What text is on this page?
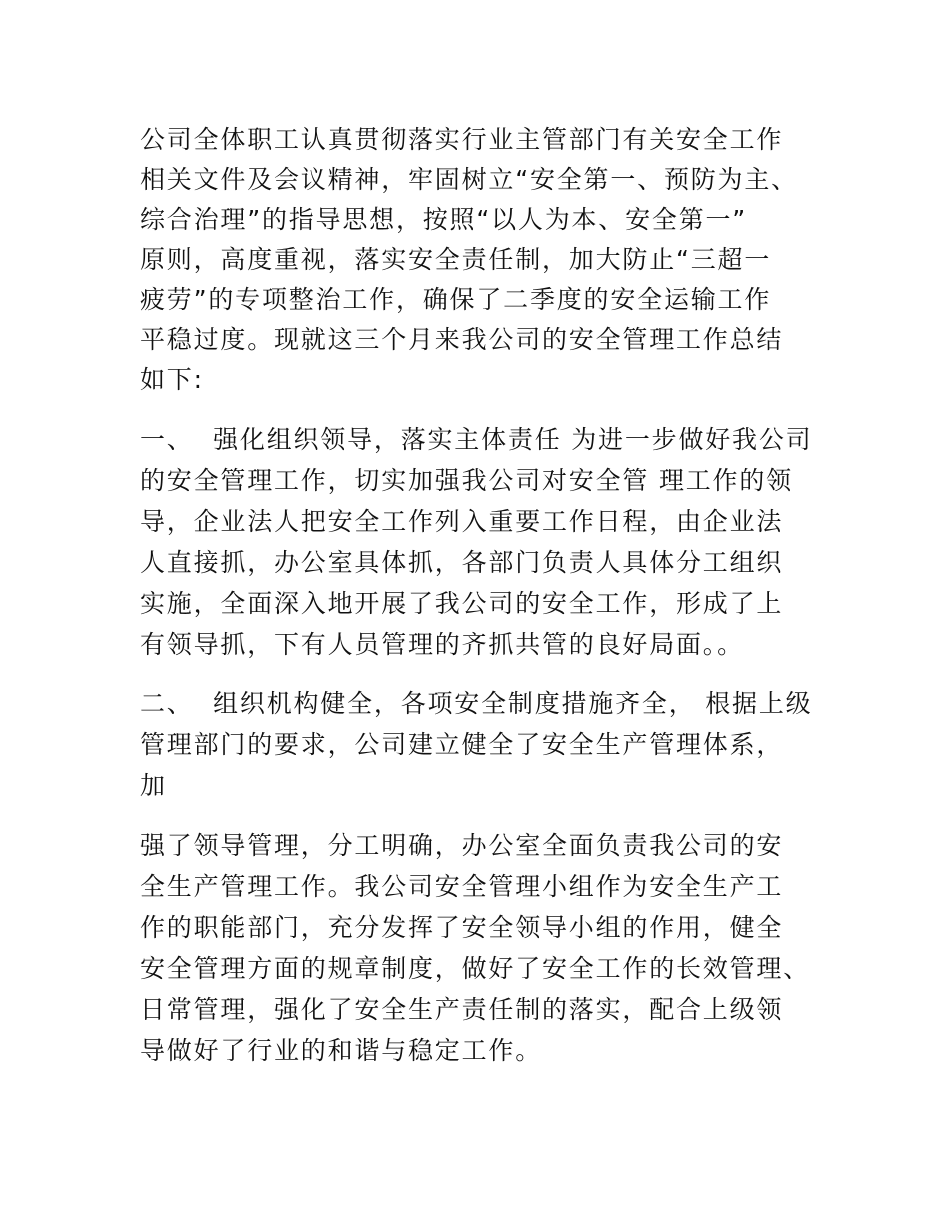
公司全体职工认真贯彻落实行业主管部门有关安全工作

相关文件及会议精神，牢固树立“安全第一、预防为主、

综合治理”的指导思想，按照“以人为本、安全第一”

原则，高度重视，落实安全责任制，加大防止“三超一

疲劳”的专项整治工作，确保了二季度的安全运输工作

平稳过度。现就这三个月来我公司的安全管理工作总结

如下:

一、  强化组织领导，落实主体责任 为进一步做好我公司

的安全管理工作，切实加强我公司对安全管 理工作的领

导，企业法人把安全工作列入重要工作日程，由企业法

人直接抓，办公室具体抓，各部门负责人具体分工组织

实施，全面深入地开展了我公司的安全工作，形成了上

有领导抓，下有人员管理的齐抓共管的良好局面。。

二、  组织机构健全，各项安全制度措施齐全， 根据上级

管理部门的要求，公司建立健全了安全生产管理体系，

加

强了领导管理，分工明确，办公室全面负责我公司的安

全生产管理工作。我公司安全管理小组作为安全生产工

作的职能部门，充分发挥了安全领导小组的作用，健全

安全管理方面的规章制度，做好了安全工作的长效管理、

日常管理，强化了安全生产责任制的落实，配合上级领

导做好了行业的和谐与稳定工作。
